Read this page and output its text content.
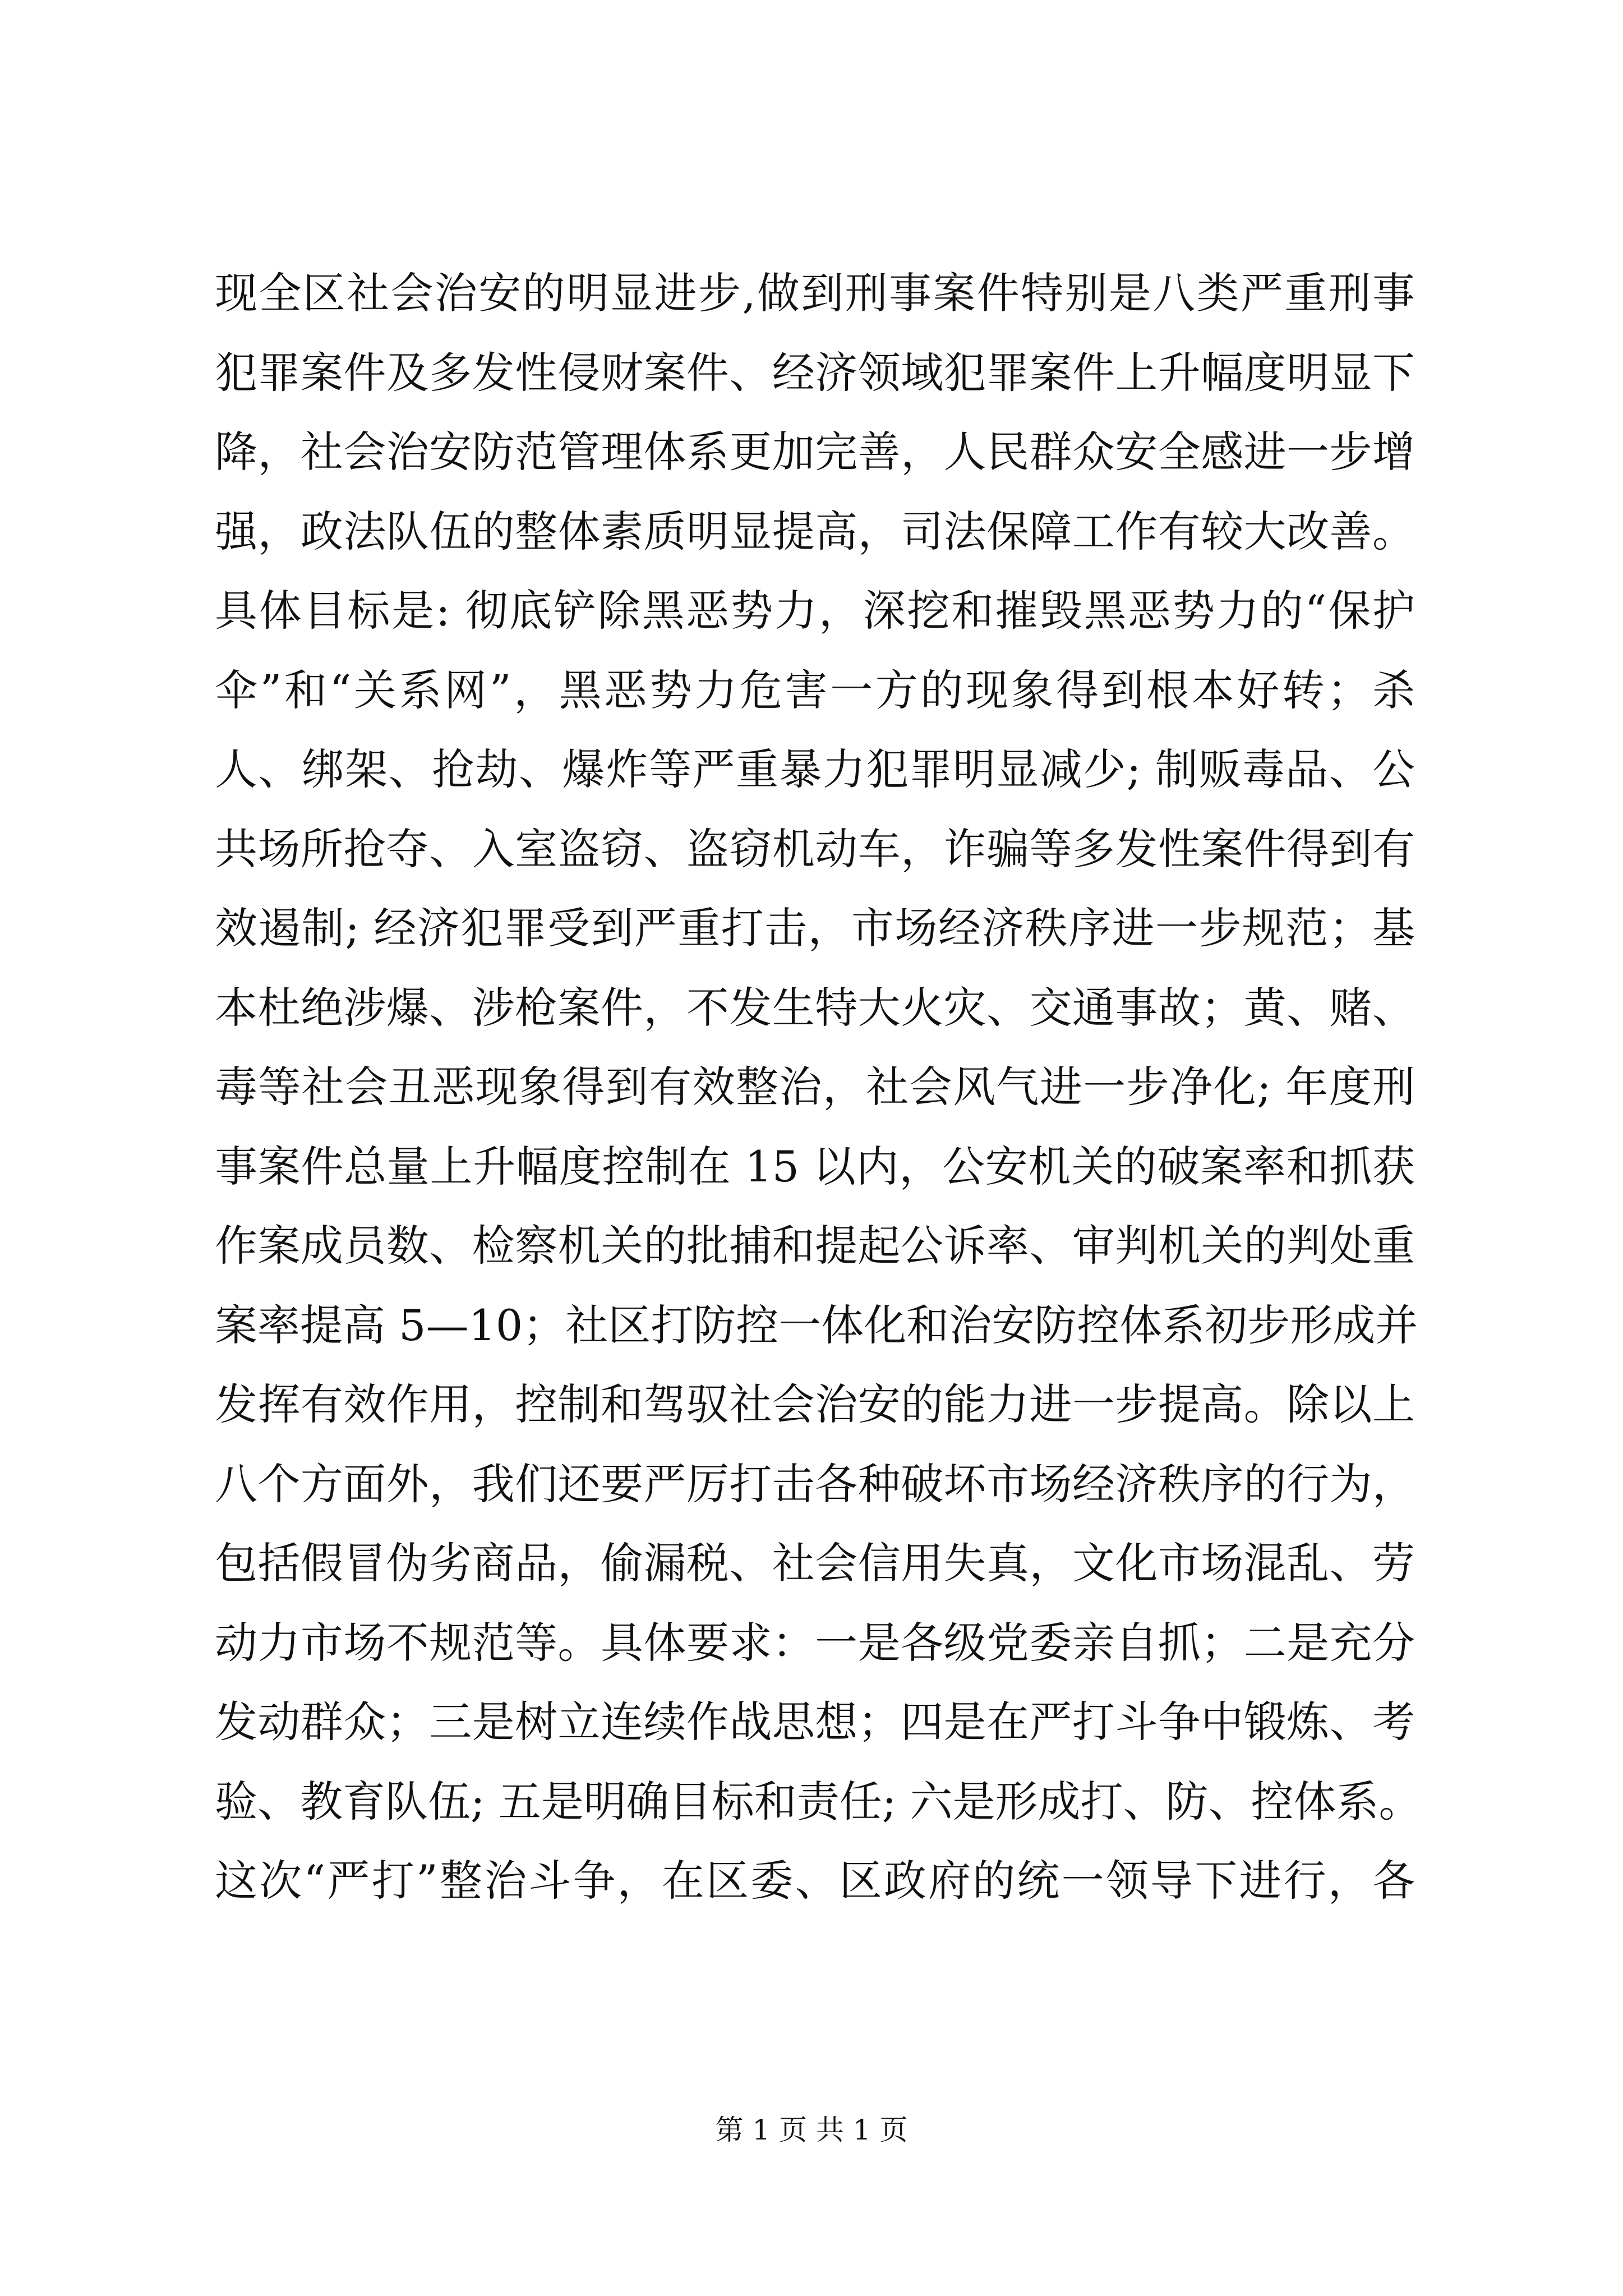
现全区社会治安的明显进步,做到刑事案件特别是八类严重刑事
犯罪案件及多发性侵财案件、经济领域犯罪案件上升幅度明显下
降，社会治安防范管理体系更加完善，人民群众安全感进一步增
强，政法队伍的整体素质明显提高，司法保障工作有较大改善。
具体目标是: 彻底铲除黑恶势力，深挖和摧毁黑恶势力的“保护
伞”和“关系网”，黑恶势力危害一方的现象得到根本好转；杀
人、绑架、抢劫、爆炸等严重暴力犯罪明显减少; 制贩毒品、公
共场所抢夺、入室盗窃、盗窃机动车，诈骗等多发性案件得到有
效遏制; 经济犯罪受到严重打击，市场经济秩序进一步规范；基
本杜绝涉爆、涉枪案件，不发生特大火灾、交通事故；黄、赌、
毒等社会丑恶现象得到有效整治，社会风气进一步净化; 年度刑
事案件总量上升幅度控制在 15 以内，公安机关的破案率和抓获
作案成员数、检察机关的批捕和提起公诉率、审判机关的判处重
案率提高 5—10；社区打防控一体化和治安防控体系初步形成并
发挥有效作用，控制和驾驭社会治安的能力进一步提高。除以上
八个方面外，我们还要严厉打击各种破坏市场经济秩序的行为，
包括假冒伪劣商品，偷漏税、社会信用失真，文化市场混乱、劳
动力市场不规范等。具体要求：一是各级党委亲自抓；二是充分
发动群众；三是树立连续作战思想；四是在严打斗争中锻炼、考
验、教育队伍; 五是明确目标和责任; 六是形成打、防、控体系。
这次“严打”整治斗争，在区委、区政府的统一领导下进行，各
第 1 页 共 1 页
